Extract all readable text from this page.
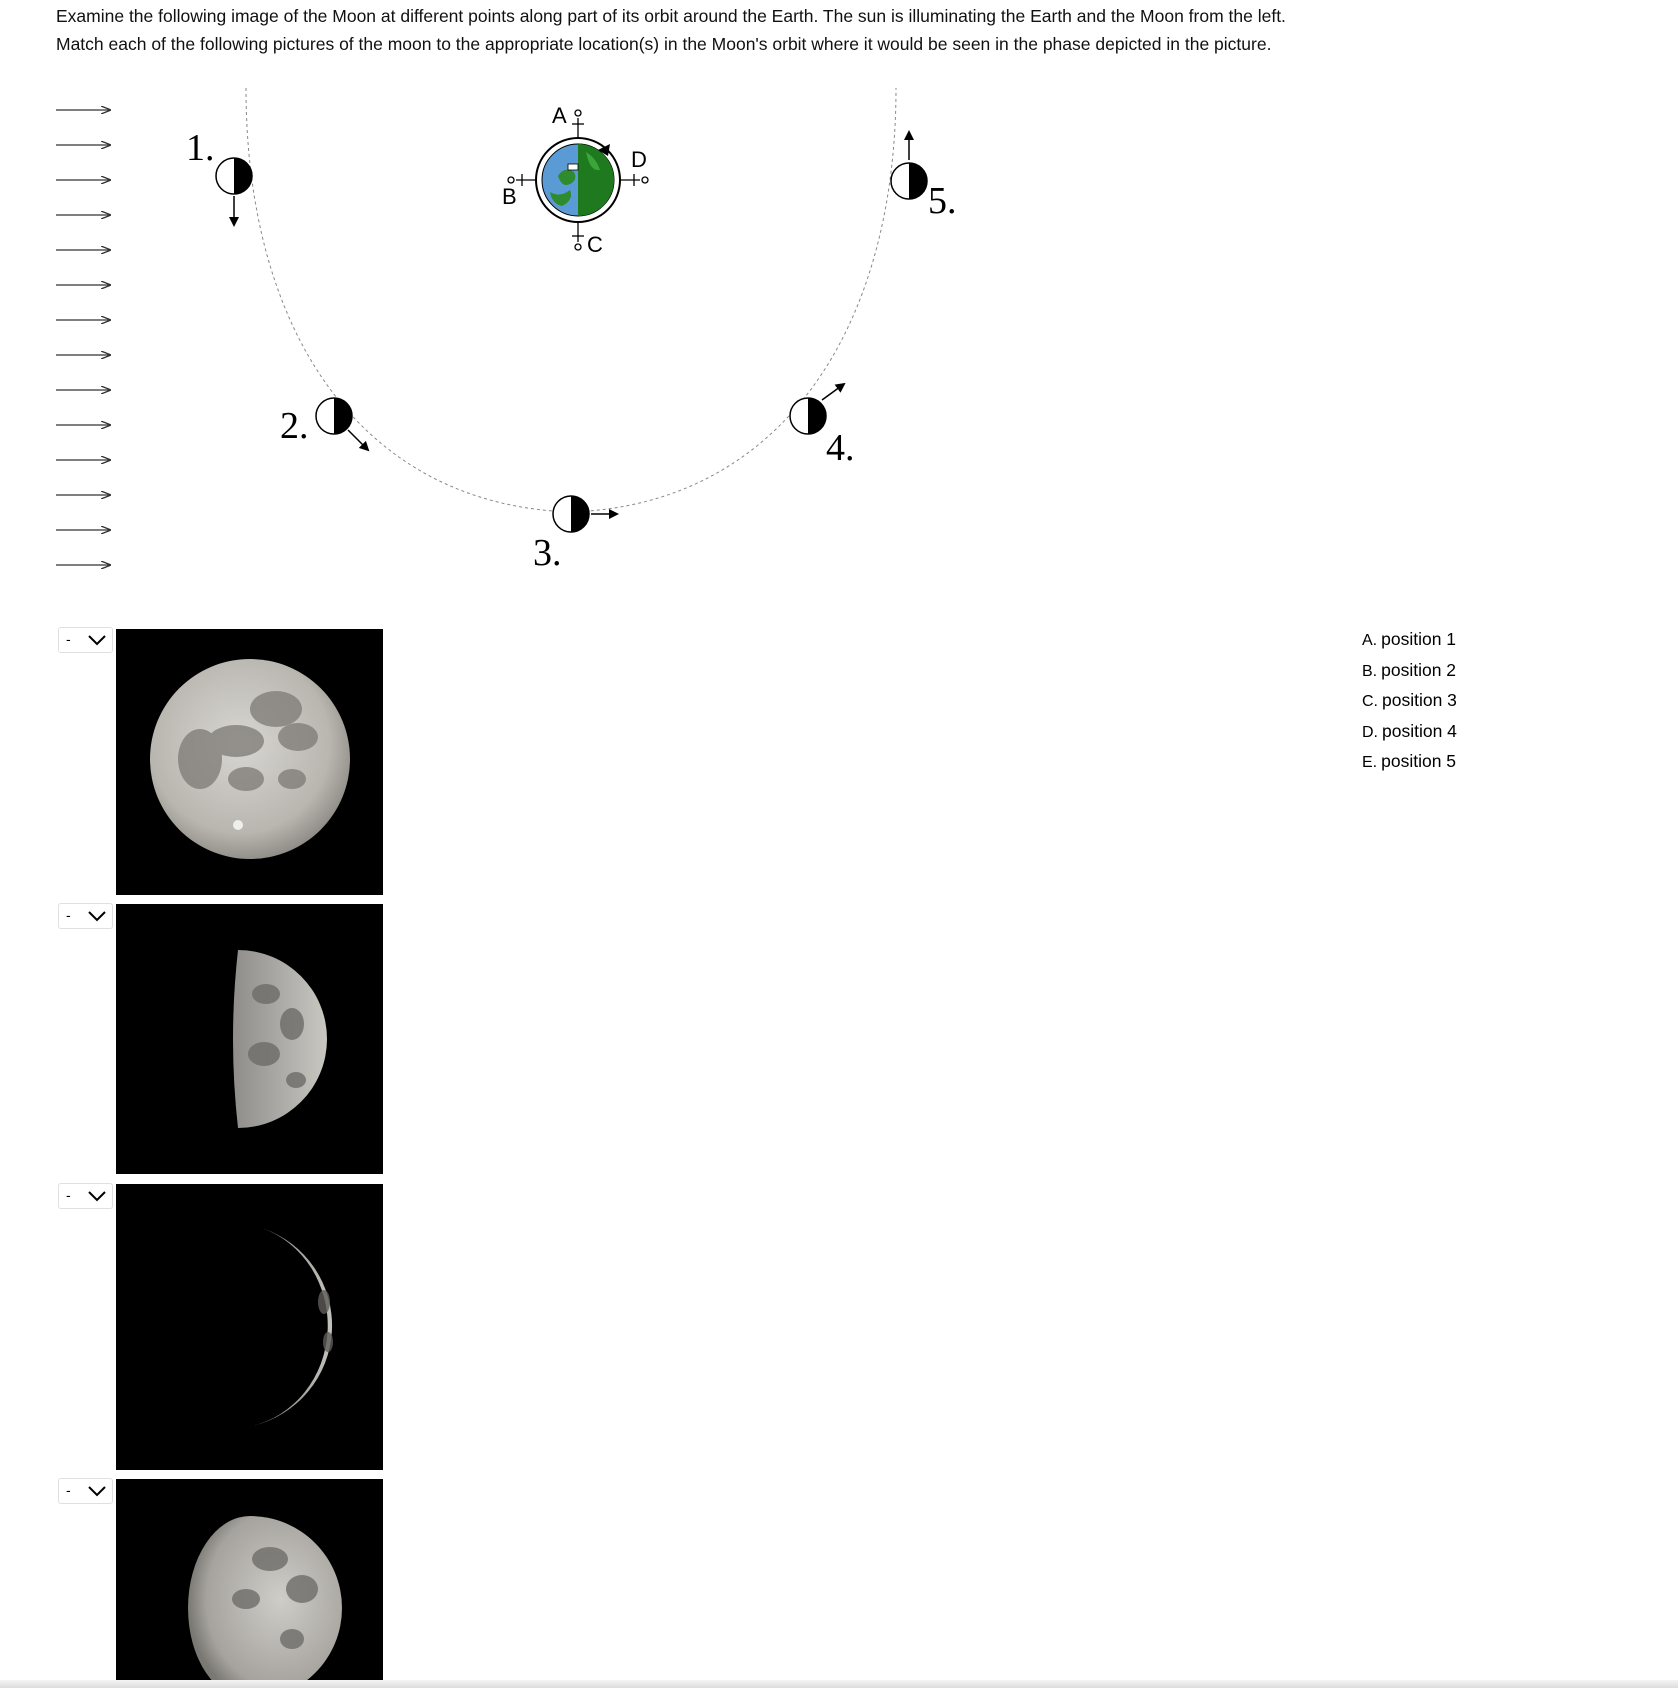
Examine the following image of the Moon at different points along part of its orbit around the Earth. The sun is illuminating the Earth and the Moon from the left.

Match each of the following pictures of the moon to the appropriate location(s) in the Moon's orbit where it would be seen in the phase depicted in the picture.

1.
2.
3.
4.
5.
A
B
C
D
-
-
-
-
A. position 1
B. position 2
C. position 3
D. position 4
E. position 5
